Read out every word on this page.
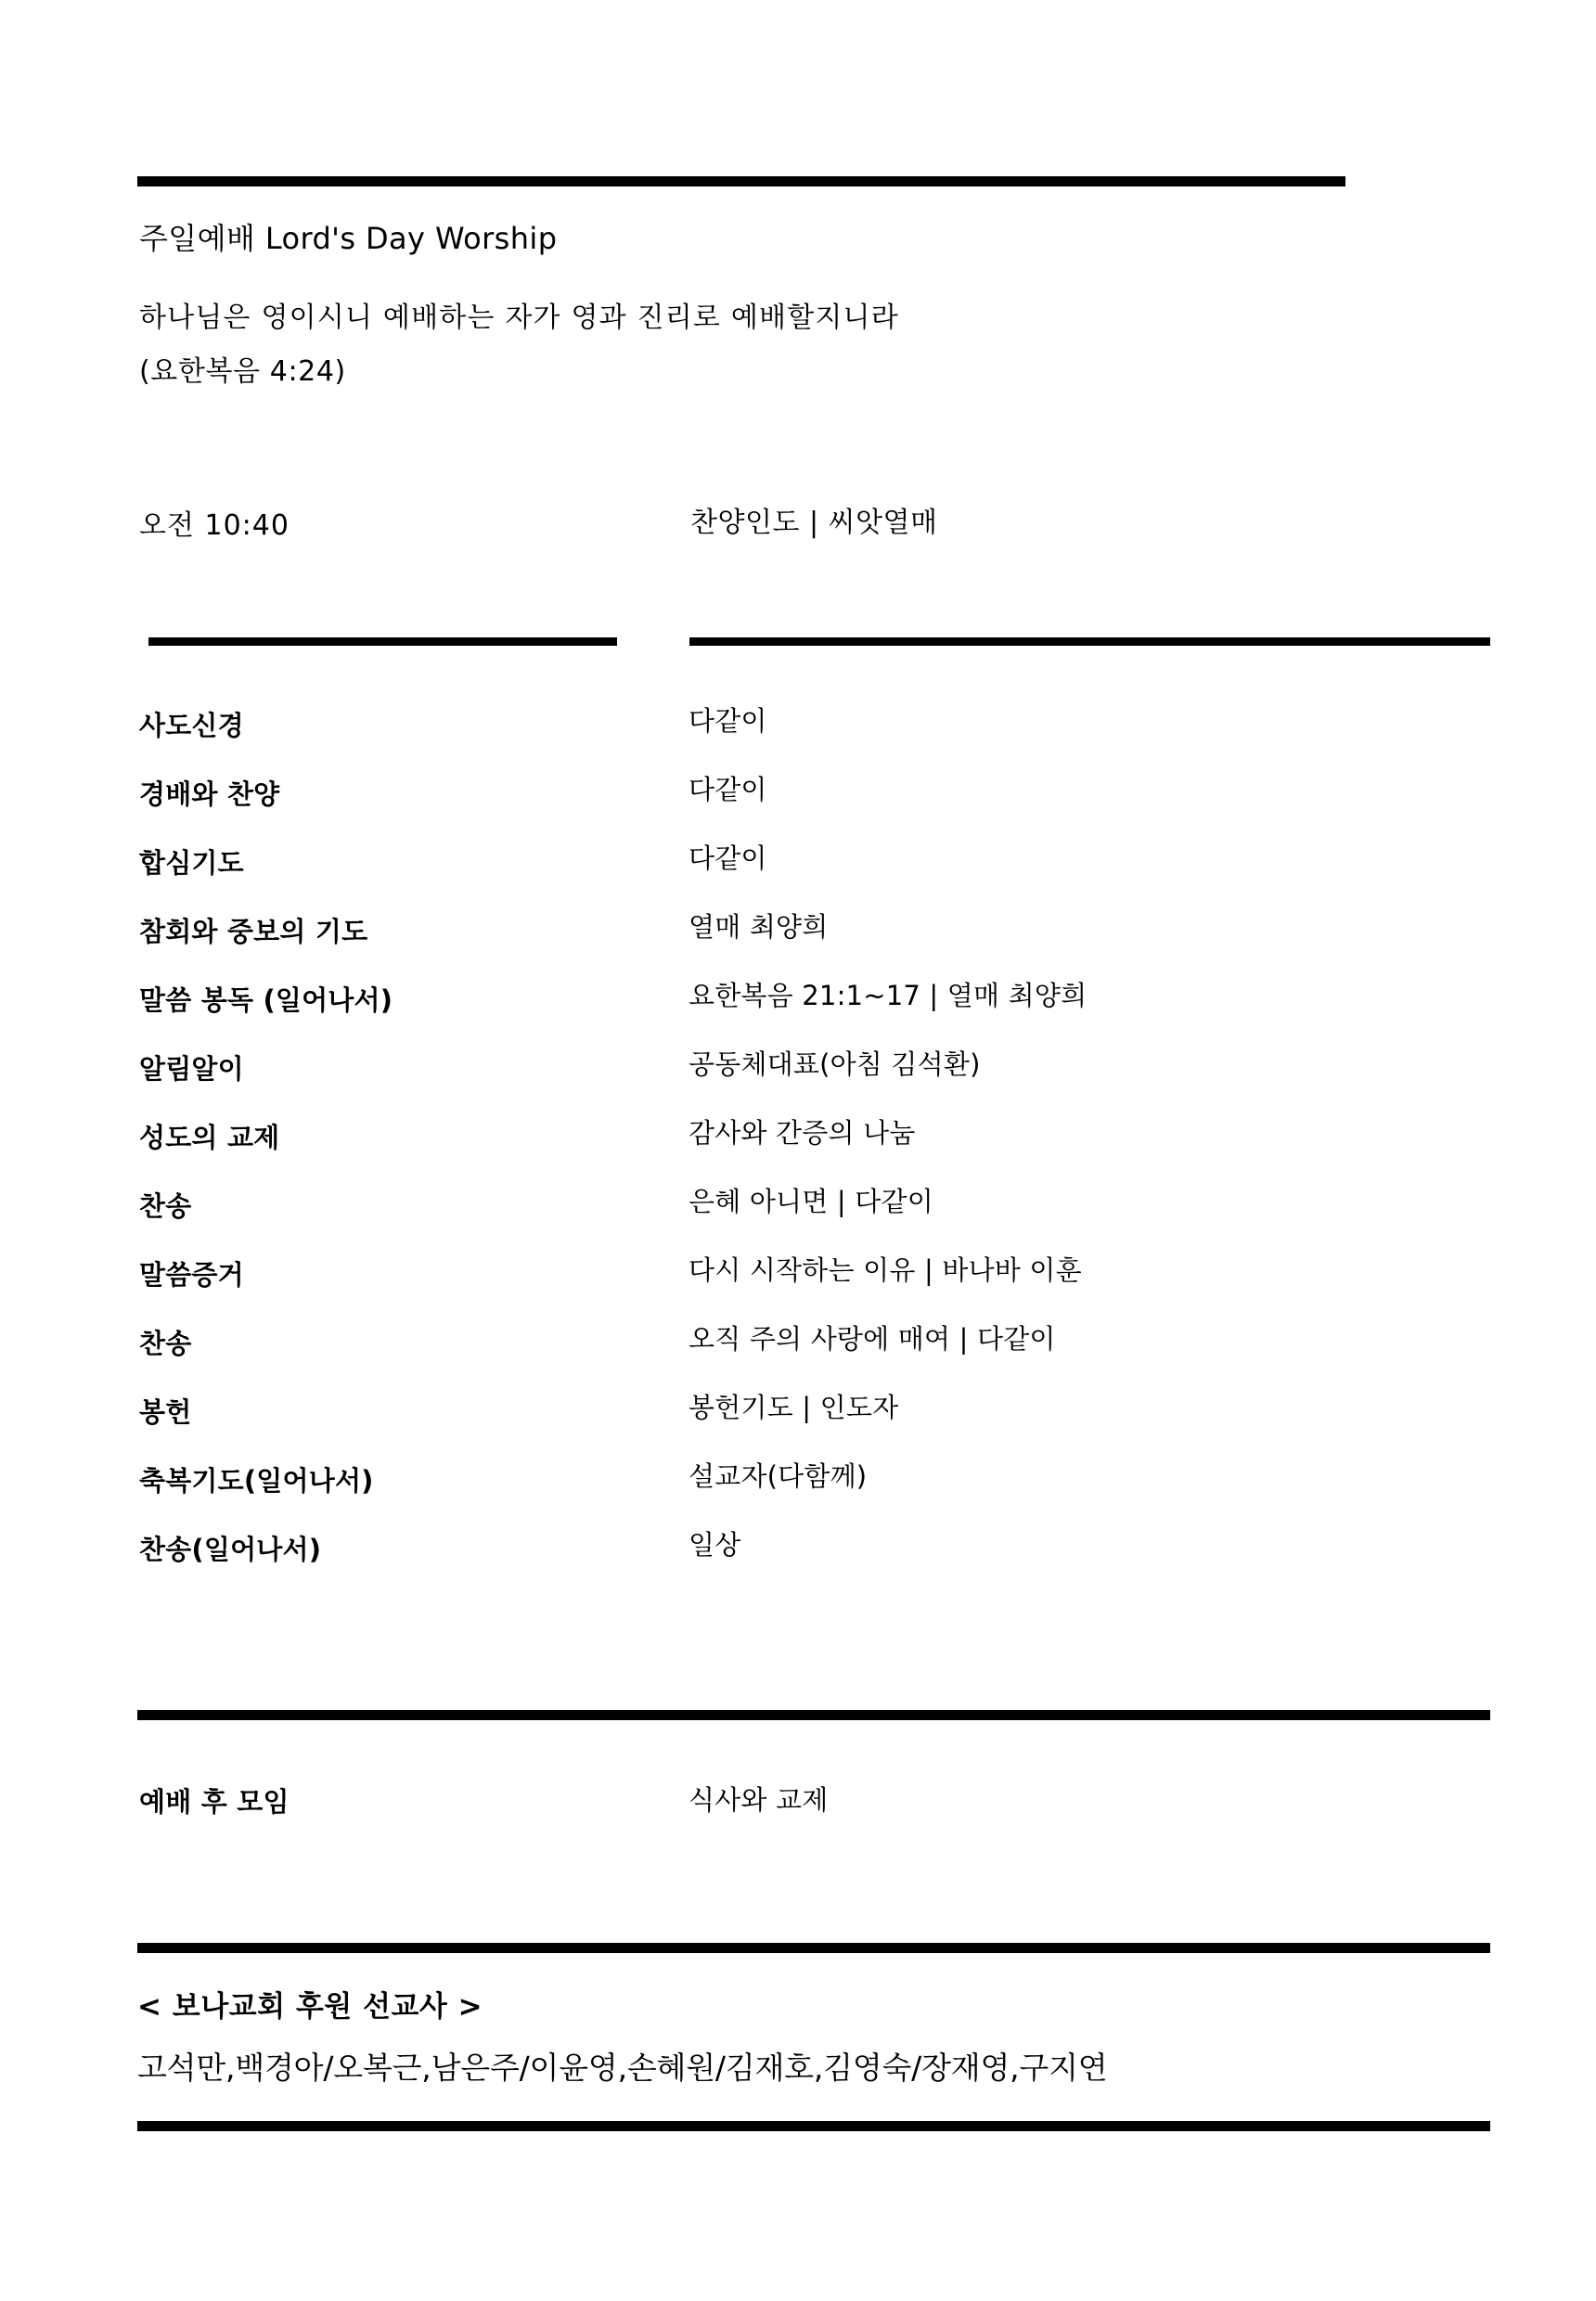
주일예배 Lord's Day Worship
하나님은 영이시니 예배하는 자가 영과 진리로 예배할지니라
(요한복음 4:24)
오전 10:40	찬양인도 | 씨앗열매
사도신경	다같이
경배와 찬양	다같이
합심기도	다같이
참회와 중보의 기도	열매 최양희
말씀 봉독 (일어나서)	요한복음 21:1~17 | 열매 최양희
알림알이	공동체대표(아침 김석환)
성도의 교제	감사와 간증의 나눔
찬송	은혜 아니면 | 다같이
말씀증거	다시 시작하는 이유 | 바나바 이훈
찬송	오직 주의 사랑에 매여 | 다같이
봉헌	봉헌기도 | 인도자
축복기도(일어나서)	설교자(다함께)
찬송(일어나서)	일상
예배 후 모임	식사와 교제
< 보나교회 후원 선교사 >
고석만,백경아/오복근,남은주/이윤영,손혜원/김재호,김영숙/장재영,구지연
